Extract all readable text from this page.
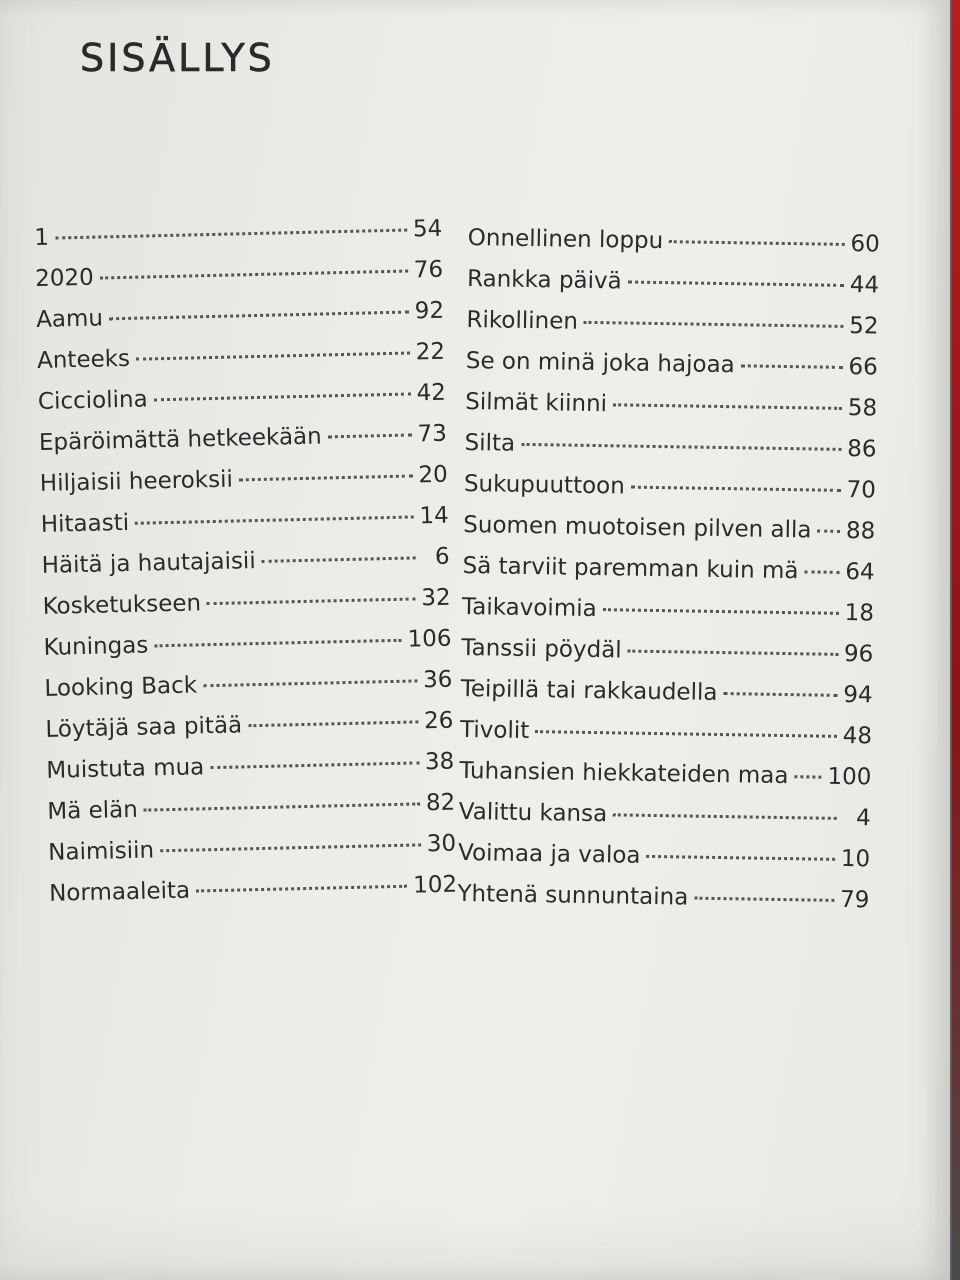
SISÄLLYS
1	54
2020	76
Aamu	92
Anteeks	22
Cicciolina	42
Epäröimättä hetkeekään	73
Hiljaisii heeroksii	20
Hitaasti	14
Häitä ja hautajaisii	6
Kosketukseen	32
Kuningas	106
Looking Back	36
Löytäjä saa pitää	26
Muistuta mua	38
Mä elän	82
Naimisiin	30
Normaaleita	102
Onnellinen loppu	60
Rankka päivä	44
Rikollinen	52
Se on minä joka hajoaa	66
Silmät kiinni	58
Silta	86
Sukupuuttoon	70
Suomen muotoisen pilven alla 88
Sä tarviit paremman kuin mä 64
Taikavoimia	18
Tanssii pöydäl	96
Teipillä tai rakkaudella	94
Tivolit	48
Tuhansien hiekkateiden maa 100
Valittu kansa	4
Voimaa ja valoa	10
Yhtenä sunnuntaina	79
